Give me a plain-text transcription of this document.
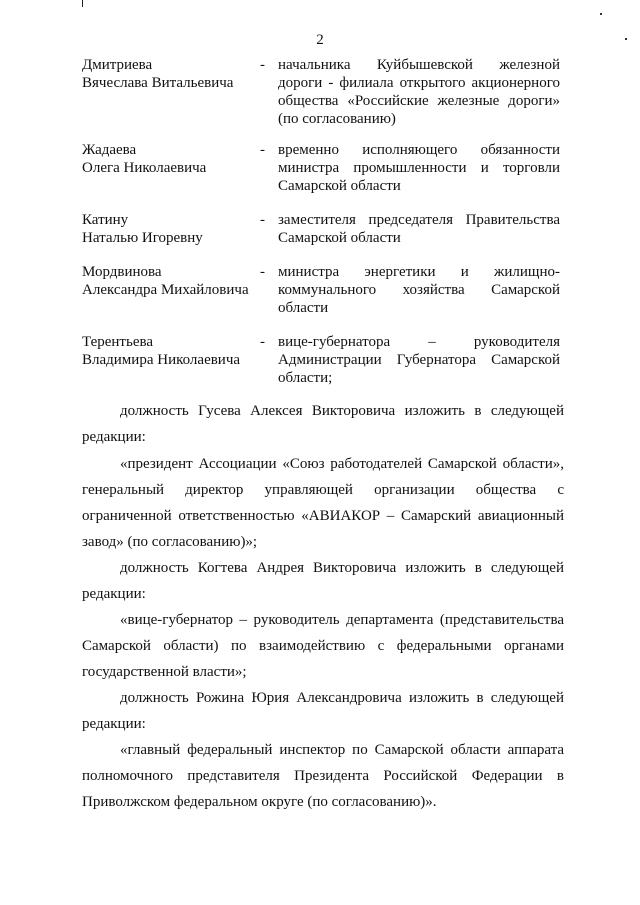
2
Дмитриева
Вячеслава Витальевича
- начальника Куйбышевской железной
дороги - филиала открытого акционерного
общества «Российские железные дороги»
(по согласованию)
Жадаева
Олега Николаевича
- временно исполняющего обязанности
министра промышленности и торговли
Самарской области
Катину
Наталью Игоревну
- заместителя председателя Правительства
Самарской области
Мордвинова
Александра Михайловича
- министра энергетики и жилищно-
коммунального хозяйства Самарской
области
Терентьева
Владимира Николаевича
- вице-губернатора – руководителя
Администрации Губернатора Самарской
области;
должность Гусева Алексея Викторовича изложить в следующей
редакции:
«президент Ассоциации «Союз работодателей Самарской области»,
генеральный директор управляющей организации общества с
ограниченной ответственностью «АВИАКОР – Самарский авиационный
завод» (по согласованию)»;
должность Когтева Андрея Викторовича изложить в следующей
редакции:
«вице-губернатор – руководитель департамента (представительства
Самарской области) по взаимодействию с федеральными органами
государственной власти»;
должность Рожина Юрия Александровича изложить в следующей
редакции:
«главный федеральный инспектор по Самарской области аппарата
полномочного представителя Президента Российской Федерации в
Приволжском федеральном округе (по согласованию)».
